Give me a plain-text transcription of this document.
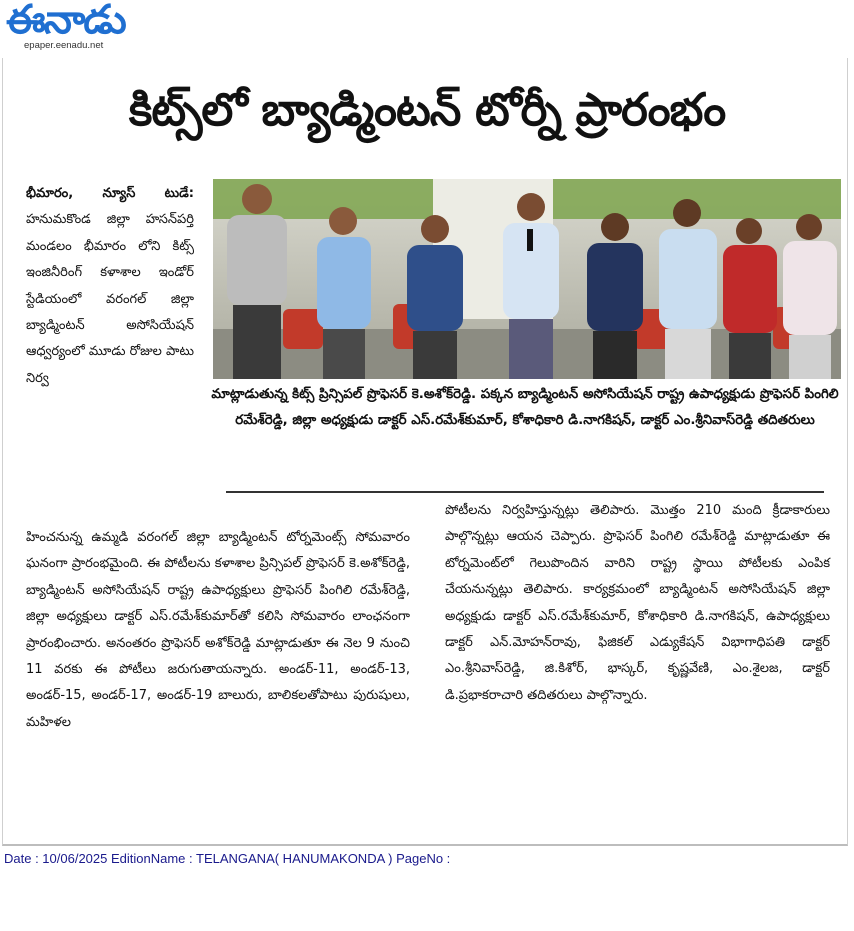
ఈనాడు
epaper.eenadu.net
కిట్స్‌లో బ్యాడ్మింటన్ టోర్నీ ప్రారంభం
భీమారం, న్యూస్ టుడే: హనుమకొండ జిల్లా హసన్‌పర్తి మండలం భీమారం లోని కిట్స్ ఇంజినీరింగ్ కళాశాల ఇండోర్ స్టేడియంలో వరంగల్ జిల్లా బ్యాడ్మింటన్ అసోసియేషన్ ఆధ్వర్యంలో మూడు రోజుల పాటు నిర్వ
మాట్లాడుతున్న కిట్స్ ప్రిన్సిపల్ ప్రొఫెసర్ కె.అశోక్‌రెడ్డి. పక్కన బ్యాడ్మింటన్ అసోసియేషన్ రాష్ట్ర ఉపాధ్యక్షుడు ప్రొఫెసర్ పింగిలి రమేశ్‌రెడ్డి, జిల్లా అధ్యక్షుడు డాక్టర్ ఎస్.రమేశ్‌కుమార్, కోశాధికారి డి.నాగకిషన్, డాక్టర్ ఎం.శ్రీనివాస్‌రెడ్డి తదితరులు
హించనున్న ఉమ్మడి వరంగల్ జిల్లా బ్యాడ్మింటన్ టోర్నమెంట్స్ సోమవారం ఘనంగా ప్రారంభమైంది. ఈ పోటీలను కళాశాల ప్రిన్సిపల్ ప్రొఫెసర్ కె.అశోక్‌రెడ్డి, బ్యాడ్మింటన్ అసోసియేషన్ రాష్ట్ర ఉపాధ్యక్షులు ప్రొఫెసర్ పింగిలి రమేశ్‌రెడ్డి, జిల్లా అధ్యక్షులు డాక్టర్ ఎస్.రమేశ్‌కుమార్‌తో కలిసి సోమవారం లాంఛనంగా ప్రారంభించారు. అనంతరం ప్రొఫెసర్ అశోక్‌రెడ్డి మాట్లాడుతూ ఈ నెల 9 నుంచి 11 వరకు ఈ పోటీలు జరుగుతాయన్నారు. అండర్-11, అండర్-13, అండర్-15, అండర్-17, అండర్-19 బాలురు, బాలికలతోపాటు పురుషులు, మహిళల
పోటీలను నిర్వహిస్తున్నట్లు తెలిపారు. మొత్తం 210 మంది క్రీడాకారులు పాల్గొన్నట్లు ఆయన చెప్పారు. ప్రొఫెసర్ పింగిలి రమేశ్‌రెడ్డి మాట్లాడుతూ ఈ టోర్నమెంట్‌లో గెలుపొందిన వారిని రాష్ట్ర స్థాయి పోటీలకు ఎంపిక చేయనున్నట్లు తెలిపారు. కార్యక్రమంలో బ్యాడ్మింటన్ అసోసియేషన్ జిల్లా అధ్యక్షుడు డాక్టర్ ఎస్.రమేశ్‌కుమార్, కోశాధికారి డి.నాగకిషన్, ఉపాధ్యక్షులు డాక్టర్ ఎన్.మోహన్‌రావు, ఫిజికల్ ఎడ్యుకేషన్ విభాగాధిపతి డాక్టర్ ఎం.శ్రీనివాస్‌రెడ్డి, జి.కిశోర్, భాస్కర్, కృష్ణవేణి, ఎం.శైలజ, డాక్టర్ డి.ప్రభాకరాచారి తదితరులు పాల్గొన్నారు.
Date : 10/06/2025 EditionName : TELANGANA( HANUMAKONDA ) PageNo :
